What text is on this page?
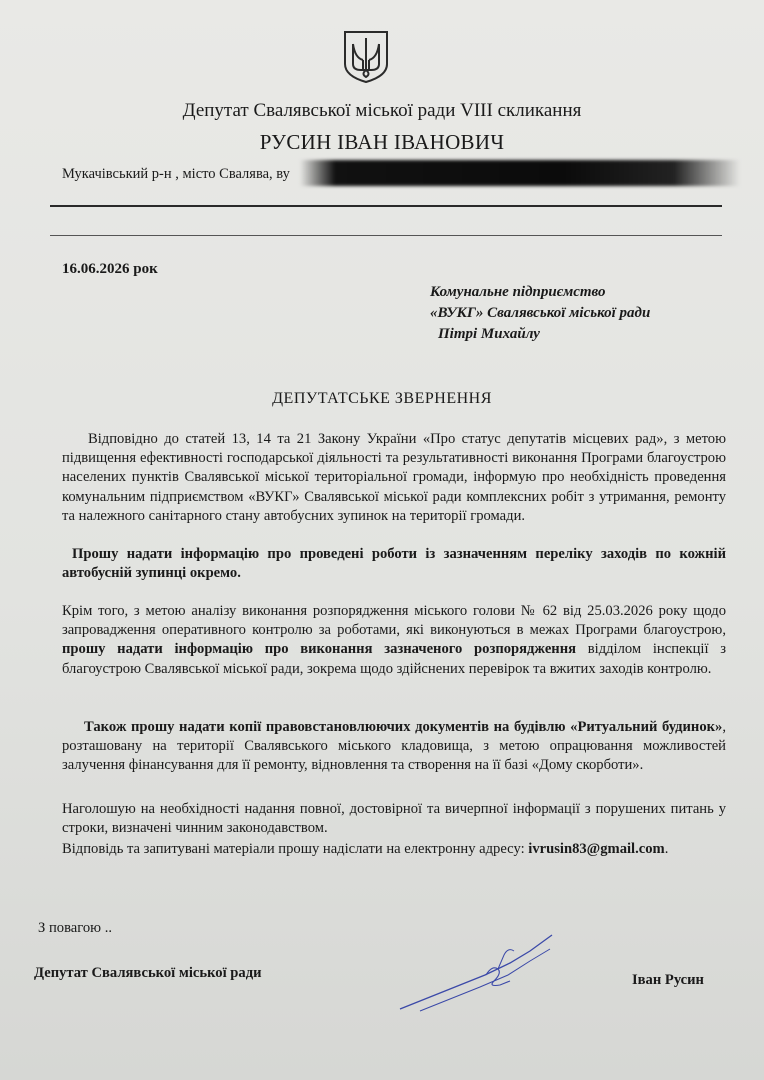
Депутат Свалявської міської ради VIII скликання
РУСИН ІВАН ІВАНОВИЧ
Мукачівський р-н , місто Свалява, ву
16.06.2026 рок
Комунальне підприємство
«ВУКГ» Свалявської міської ради
Пітрі Михайлу
ДЕПУТАТСЬКЕ ЗВЕРНЕННЯ
Відповідно до статей 13, 14 та 21 Закону України «Про статус депутатів місцевих рад», з метою підвищення ефективності господарської діяльності та результативності виконання Програми благоустрою населених пунктів Свалявської міської територіальної громади, інформую про необхідність проведення комунальним підприємством «ВУКГ» Свалявської міської ради комплексних робіт з утримання, ремонту та належного санітарного стану автобусних зупинок на території громади.
Прошу надати інформацію про проведені роботи із зазначенням переліку заходів по кожній автобусній зупинці окремо.
Крім того, з метою аналізу виконання розпорядження міського голови № 62 від 25.03.2026 року щодо запровадження оперативного контролю за роботами, які виконуються в межах Програми благоустрою, прошу надати інформацію про виконання зазначеного розпорядження відділом інспекції з благоустрою Свалявської міської ради, зокрема щодо здійснених перевірок та вжитих заходів контролю.
Також прошу надати копії правовстановлюючих документів на будівлю «Ритуальний будинок», розташовану на території Свалявського міського кладовища, з метою опрацювання можливостей залучення фінансування для її ремонту, відновлення та створення на її базі «Дому скорботи».
Наголошую на необхідності надання повної, достовірної та вичерпної інформації з порушених питань у строки, визначені чинним законодавством.
Відповідь та запитувані матеріали прошу надіслати на електронну адресу: ivrusin83@gmail.com.
З повагою ..
Депутат Свалявської міської ради	Іван Русин
